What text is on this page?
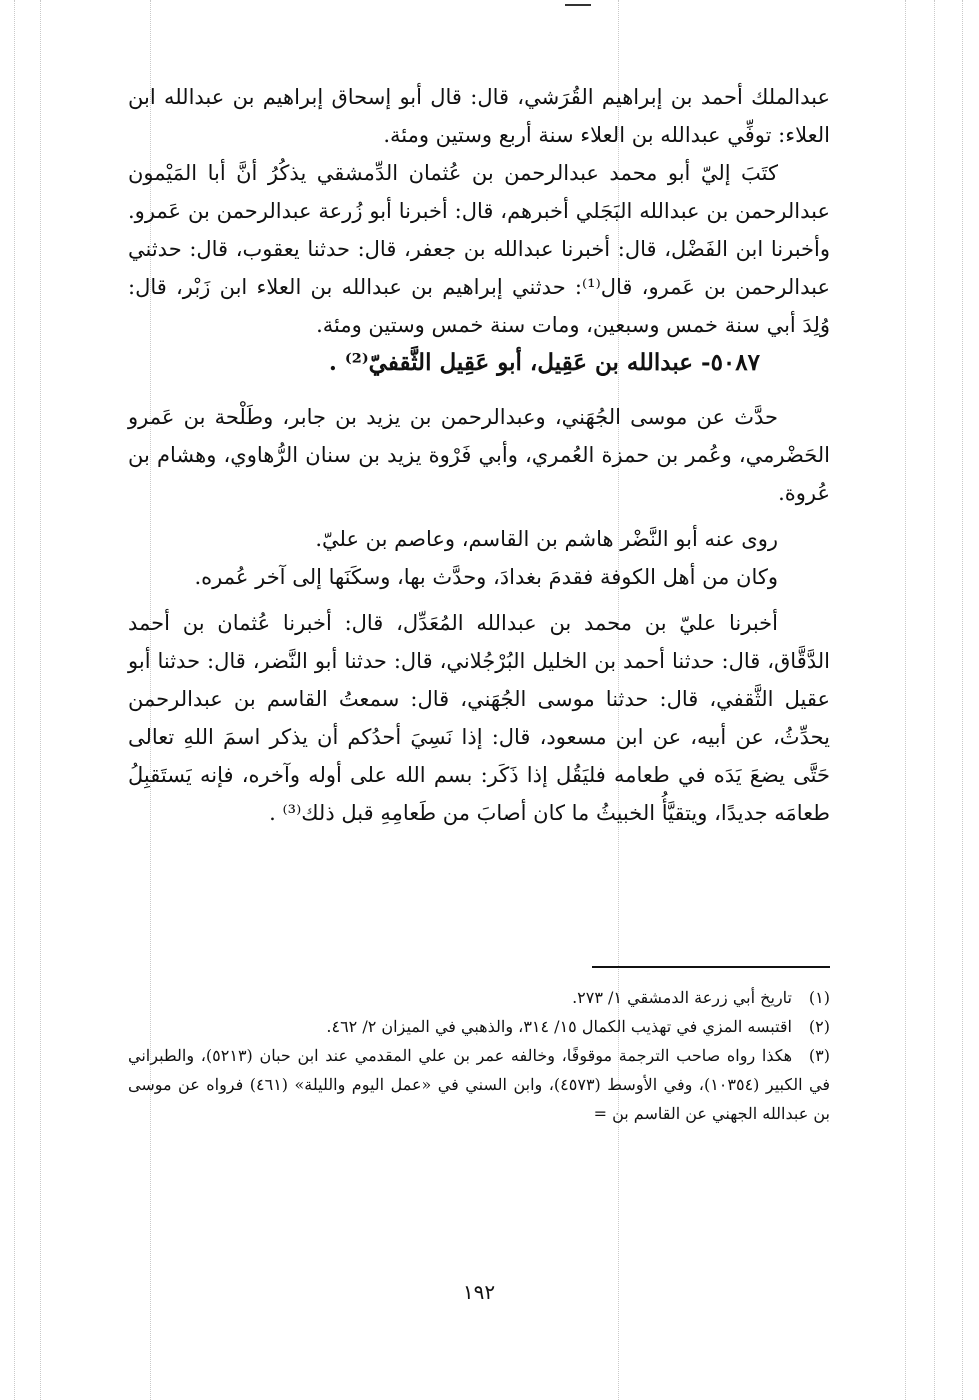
عبدالملك أحمد بن إبراهيم القُرَشي، قال: قال أبو إسحاق إبراهيم بن عبدالله ابن العلاء: توفِّي عبدالله بن العلاء سنة أربع وستين ومئة.

كتَبَ إليّ أبو محمد عبدالرحمن بن عُثمان الدِّمشقي يذكُرُ أنَّ أبا المَيْمون عبدالرحمن بن عبدالله البَجَلي أخبرهم، قال: أخبرنا أبو زُرعة عبدالرحمن بن عَمرو. وأخبرنا ابن الفَضْل، قال: أخبرنا عبدالله بن جعفر، قال: حدثنا يعقوب، قال: حدثني عبدالرحمن بن عَمرو، قال⁽¹⁾: حدثني إبراهيم بن عبدالله بن العلاء ابن زَبْر، قال: وُلِدَ أبي سنة خمس وسبعين، ومات سنة خمس وستين ومئة.

٥٠٨٧- عبدالله بن عَقِيل، أبو عَقِيل الثَّقفيّ⁽²⁾ .

حدَّث عن موسى الجُهَني، وعبدالرحمن بن يزيد بن جابر، وطَلْحة بن عَمرو الحَضْرمي، وعُمر بن حمزة العُمري، وأبي فَرْوة يزيد بن سنان الرُّهاوي، وهشام بن عُروة.

روى عنه أبو النَّضْر هاشم بن القاسم، وعاصم بن عليّ.

وكان من أهل الكوفة فقدمَ بغدادَ، وحدَّث بها، وسكَنَها إلى آخر عُمره.

أخبرنا عليّ بن محمد بن عبدالله المُعَدِّل، قال: أخبرنا عُثمان بن أحمد الدَّقَّاق، قال: حدثنا أحمد بن الخليل البُرْجُلاني، قال: حدثنا أبو النَّضر، قال: حدثنا أبو عقيل الثَّقفي، قال: حدثنا موسى الجُهَني، قال: سمعتُ القاسم بن عبدالرحمن يحدِّثُ، عن أبيه، عن ابن مسعود، قال: إذا نَسِيَ أحدُكم أن يذكر اسمَ اللهِ تعالى حَتَّى يضعَ يَدَه في طعامه فليَقُل إذا ذَكَر: بسم الله على أوله وآخره، فإنه يَستَقبِلُ طعامَه جديدًا، ويتقيَّأُ الخبيثُ ما كان أصابَ من طَعامِهِ قبل ذلك⁽³⁾ .

(١)تاريخ أبي زرعة الدمشقي ١/ ٢٧٣.

(٢)اقتبسه المزي في تهذيب الكمال ١٥/ ٣١٤، والذهبي في الميزان ٢/ ٤٦٢.

(٣)هكذا رواه صاحب الترجمة موقوفًا، وخالفه عمر بن علي المقدمي عند ابن حبان (٥٢١٣)، والطبراني في الكبير (١٠٣٥٤)، وفي الأوسط (٤٥٧٣)، وابن السني في «عمل اليوم والليلة» (٤٦١) فرواه عن موسى بن عبدالله الجهني عن القاسم بن =

١٩٢
